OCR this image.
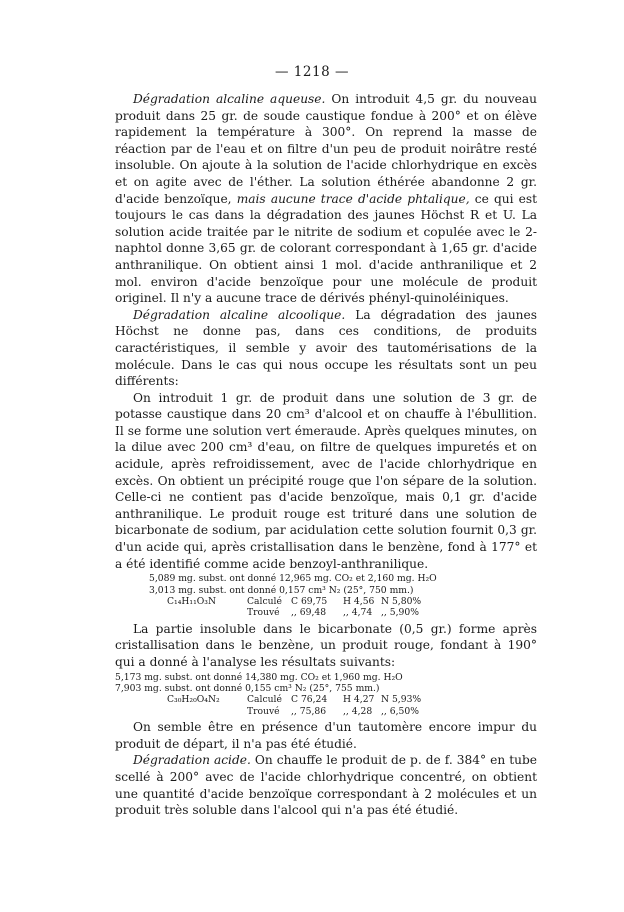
— 1218 —

Dégradation alcaline aqueuse. On introduit 4,5 gr. du nouveau produit dans 25 gr. de soude caustique fondue à 200° et on élève rapidement la température à 300°. On reprend la masse de réaction par de l'eau et on filtre d'un peu de produit noirâtre resté insoluble. On ajoute à la solution de l'acide chlorhydrique en excès et on agite avec de l'éther. La solution éthérée abandonne 2 gr. d'acide benzoïque, mais aucune trace d'acide phtalique, ce qui est toujours le cas dans la dégradation des jaunes Höchst R et U. La solution acide traitée par le nitrite de sodium et copulée avec le 2-naphtol donne 3,65 gr. de colorant correspondant à 1,65 gr. d'acide anthranilique. On obtient ainsi 1 mol. d'acide anthranilique et 2 mol. environ d'acide benzoïque pour une molécule de produit originel. Il n'y a aucune trace de dérivés phényl-quinoléiniques.

Dégradation alcaline alcoolique. La dégradation des jaunes Höchst ne donne pas, dans ces conditions, de produits caractéristiques, il semble y avoir des tautomérisations de la molécule. Dans le cas qui nous occupe les résultats sont un peu différents:

On introduit 1 gr. de produit dans une solution de 3 gr. de potasse caustique dans 20 cm³ d'alcool et on chauffe à l'ébullition. Il se forme une solution vert émeraude. Après quelques minutes, on la dilue avec 200 cm³ d'eau, on filtre de quelques impuretés et on acidule, après refroidissement, avec de l'acide chlorhydrique en excès. On obtient un précipité rouge que l'on sépare de la solution. Celle-ci ne contient pas d'acide benzoïque, mais 0,1 gr. d'acide anthranilique. Le produit rouge est trituré dans une solution de bicarbonate de sodium, par acidulation cette solution fournit 0,3 gr. d'un acide qui, après cristallisation dans le benzène, fond à 177° et a été identifié comme acide benzoyl-anthranilique.

5,089 mg. subst. ont donné 12,965 mg. CO₂ et 2,160 mg. H₂O
3,013 mg. subst. ont donné 0,157 cm³ N₂ (25°, 750 mm.)
C₁₄H₁₁O₃N	Calculé C 69,75	H 4,56 N 5,80%
Trouvé	,, 69,48	,, 4,74 ,, 5,90%

La partie insoluble dans le bicarbonate (0,5 gr.) forme après cristallisation dans le benzène, un produit rouge, fondant à 190° qui a donné à l'analyse les résultats suivants:

5,173 mg. subst. ont donné 14,380 mg. CO₂ et 1,960 mg. H₂O
7,903 mg. subst. ont donné 0,155 cm³ N₂ (25°, 755 mm.)
C₃₀H₂₀O₄N₂	Calculé C 76,24	H 4,27 N 5,93%
Trouvé	,, 75,86	,, 4,28 ,, 6,50%

On semble être en présence d'un tautomère encore impur du produit de départ, il n'a pas été étudié.

Dégradation acide. On chauffe le produit de p. de f. 384° en tube scellé à 200° avec de l'acide chlorhydrique concentré, on obtient une quantité d'acide benzoïque correspondant à 2 molécules et un produit très soluble dans l'alcool qui n'a pas été étudié.
